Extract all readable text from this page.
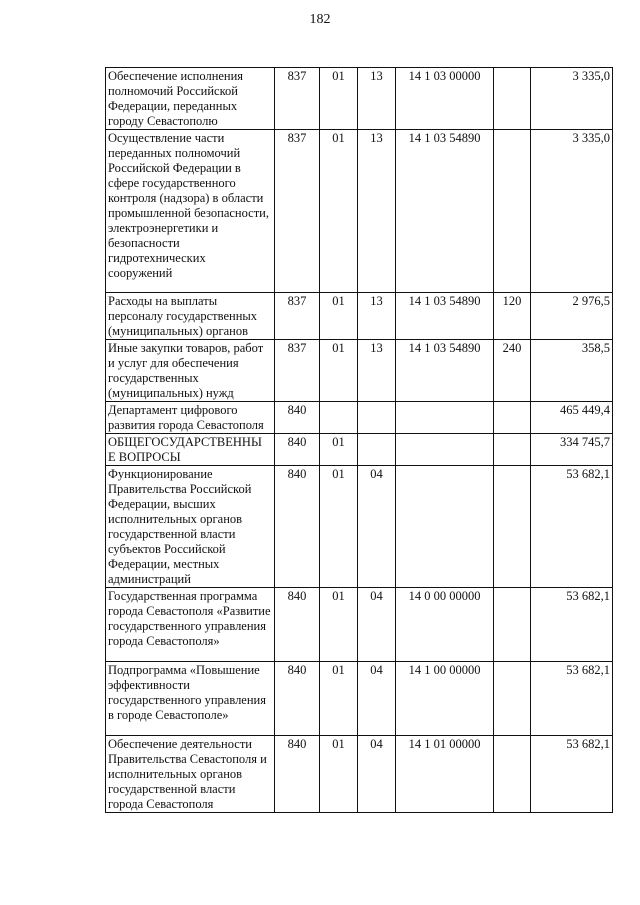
182
Обеспечение исполнения полномочий Российской Федерации, переданных городу Севастополю	837	01	13	14 1 03 00000		3 335,0
Осуществление части переданных полномочий Российской Федерации в сфере государственного контроля (надзора) в области промышленной безопасности, электроэнергетики и безопасности гидротехнических сооружений	837	01	13	14 1 03 54890		3 335,0
Расходы на выплаты персоналу государственных (муниципальных) органов	837	01	13	14 1 03 54890	120	2 976,5
Иные закупки товаров, работ и услуг для обеспечения государственных (муниципальных) нужд	837	01	13	14 1 03 54890	240	358,5
Департамент цифрового развития города Севастополя	840					465 449,4
ОБЩЕГОСУДАРСТВЕННЫ Е ВОПРОСЫ	840	01				334 745,7
Функционирование Правительства Российской Федерации, высших исполнительных органов государственной власти субъектов Российской Федерации, местных администраций	840	01	04			53 682,1
Государственная программа города Севастополя «Развитие государственного управления города Севастополя»	840	01	04	14 0 00 00000		53 682,1
Подпрограмма «Повышение эффективности государственного управления в городе Севастополе»	840	01	04	14 1 00 00000		53 682,1
Обеспечение деятельности Правительства Севастополя и исполнительных органов государственной власти города Севастополя	840	01	04	14 1 01 00000		53 682,1
